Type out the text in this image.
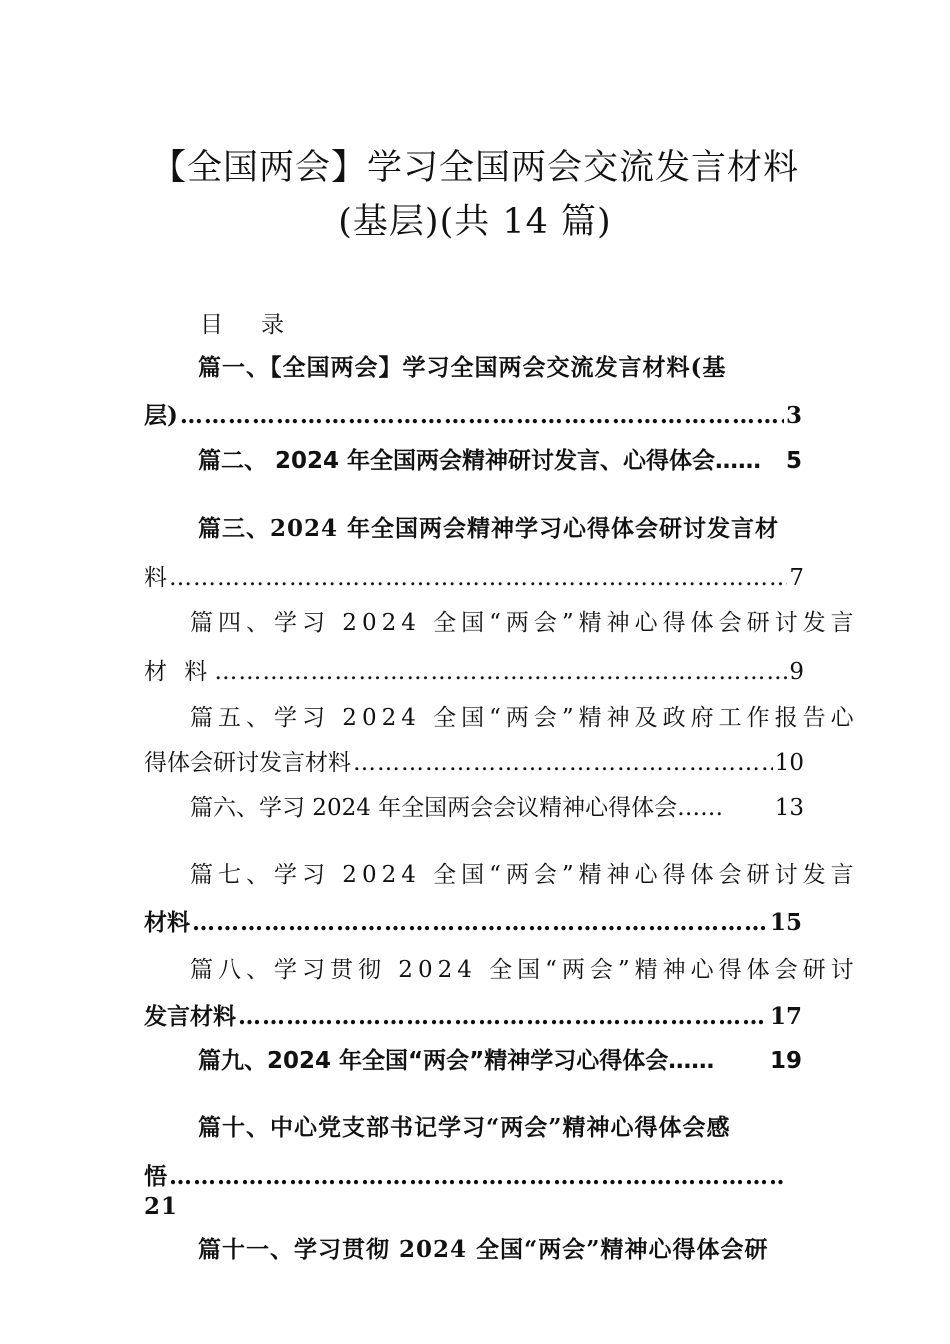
【全国两会】学习全国两会交流发言材料
(基层)(共 14 篇)
目 录
篇一、【全国两会】学习全国两会交流发言材料(基
层) ………………………………………………………………………………………………………………………………………………………	3
篇二、 2024 年全国两会精神研讨发言、心得体会…… 5
篇三、2024 年全国两会精神学习心得体会研讨发言材
料 ………………………………………………………………………………………………………………………………………………………	7
篇四、学习 2024 全国“两会”精神心得体会研讨发言
材 料 ………………………………………………………………………………………………………………………………………………………	9
篇五、学习 2024 全国“两会”精神及政府工作报告心
得体会研讨发言材料 ………………………………………………………………………………………………………………………………………………………	10
篇六、学习 2024 年全国两会会议精神心得体会…… 13
篇七、学习 2024 全国“两会”精神心得体会研讨发言
材料 ………………………………………………………………………………………………………………………………………………………	15
篇八、学习贯彻 2024 全国“两会”精神心得体会研讨
发言材料 ………………………………………………………………………………………………………………………………………………………	17
篇九、2024 年全国“两会”精神学习心得体会…… 19
篇十、中心党支部书记学习“两会”精神心得体会感
悟
………………………………………………………………………………………………………………………………………………………
21
篇十一、学习贯彻 2024 全国“两会”精神心得体会研
